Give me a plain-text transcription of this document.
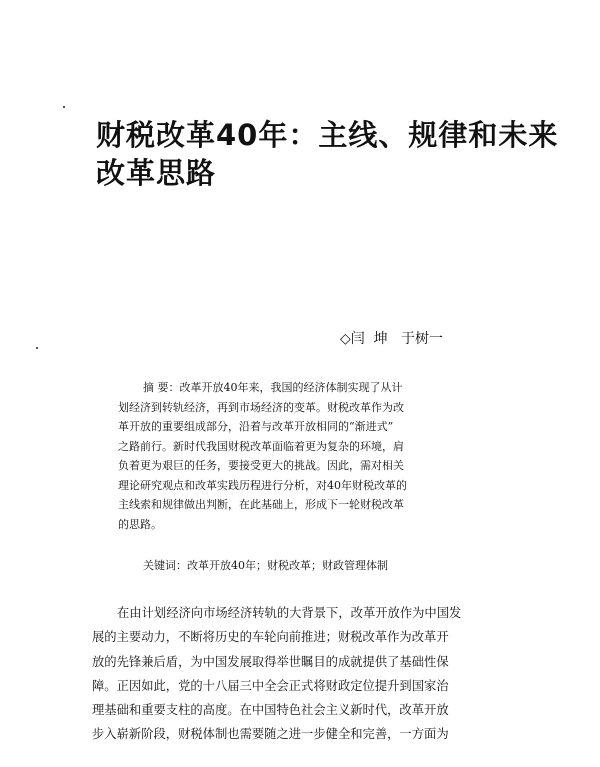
财税改革40年：主线、规律和未来
改革思路
◇闫  坤   于树一
摘 要：改革开放40年来，我国的经济体制实现了从计
划经济到转轨经济，再到市场经济的变革。财税改革作为改
革开放的重要组成部分，沿着与改革开放相同的“渐进式”
之路前行。新时代我国财税改革面临着更为复杂的环境，肩
负着更为艰巨的任务，要接受更大的挑战。因此，需对相关
理论研究观点和改革实践历程进行分析，对40年财税改革的
主线索和规律做出判断，在此基础上，形成下一轮财税改革
的思路。
关键词：改革开放40年；财税改革；财政管理体制
在由计划经济向市场经济转轨的大背景下，改革开放作为中国发
展的主要动力，不断将历史的车轮向前推进；财税改革作为改革开
放的先锋兼后盾，为中国发展取得举世瞩目的成就提供了基础性保
障。正因如此，党的十八届三中全会正式将财政定位提升到国家治
理基础和重要支柱的高度。在中国特色社会主义新时代，改革开放
步入崭新阶段，财税体制也需要随之进一步健全和完善，一方面为
